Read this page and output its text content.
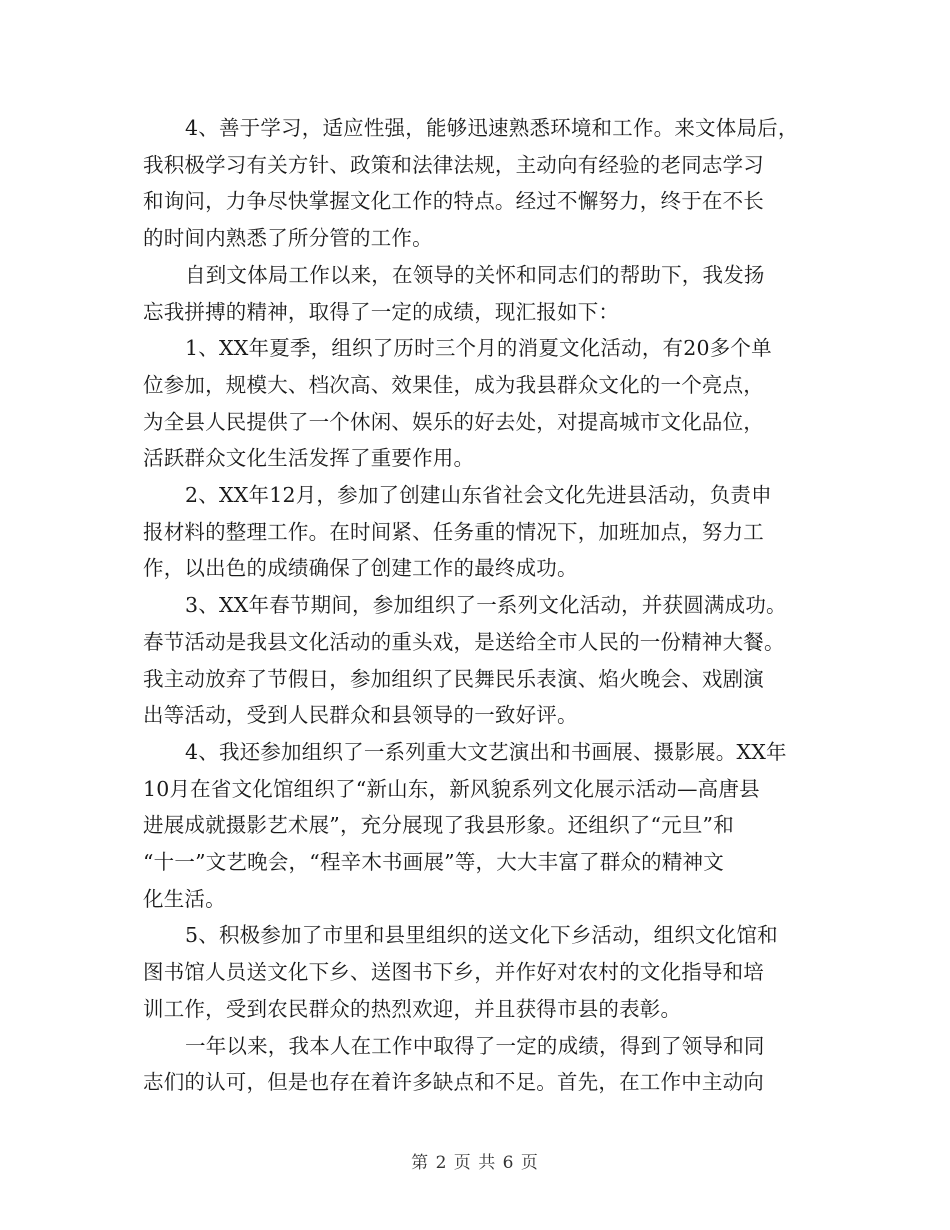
4、善于学习，适应性强，能够迅速熟悉环境和工作。来文体局后，
我积极学习有关方针、政策和法律法规，主动向有经验的老同志学习
和询问，力争尽快掌握文化工作的特点。经过不懈努力，终于在不长
的时间内熟悉了所分管的工作。

自到文体局工作以来，在领导的关怀和同志们的帮助下，我发扬
忘我拼搏的精神，取得了一定的成绩，现汇报如下：

1、XX年夏季，组织了历时三个月的消夏文化活动，有20多个单
位参加，规模大、档次高、效果佳，成为我县群众文化的一个亮点，
为全县人民提供了一个休闲、娱乐的好去处，对提高城市文化品位，
活跃群众文化生活发挥了重要作用。

2、XX年12月，参加了创建山东省社会文化先进县活动，负责申
报材料的整理工作。在时间紧、任务重的情况下，加班加点，努力工
作，以出色的成绩确保了创建工作的最终成功。

3、XX年春节期间，参加组织了一系列文化活动，并获圆满成功。
春节活动是我县文化活动的重头戏，是送给全市人民的一份精神大餐。
我主动放弃了节假日，参加组织了民舞民乐表演、焰火晚会、戏剧演
出等活动，受到人民群众和县领导的一致好评。

4、我还参加组织了一系列重大文艺演出和书画展、摄影展。XX年
10月在省文化馆组织了“新山东，新风貌系列文化展示活动—高唐县
进展成就摄影艺术展”，充分展现了我县形象。还组织了“元旦”和
“十一”文艺晚会，“程辛木书画展”等，大大丰富了群众的精神文
化生活。

5、积极参加了市里和县里组织的送文化下乡活动，组织文化馆和
图书馆人员送文化下乡、送图书下乡，并作好对农村的文化指导和培
训工作，受到农民群众的热烈欢迎，并且获得市县的表彰。

一年以来，我本人在工作中取得了一定的成绩，得到了领导和同
志们的认可，但是也存在着许多缺点和不足。首先，在工作中主动向

第 2 页 共 6 页
